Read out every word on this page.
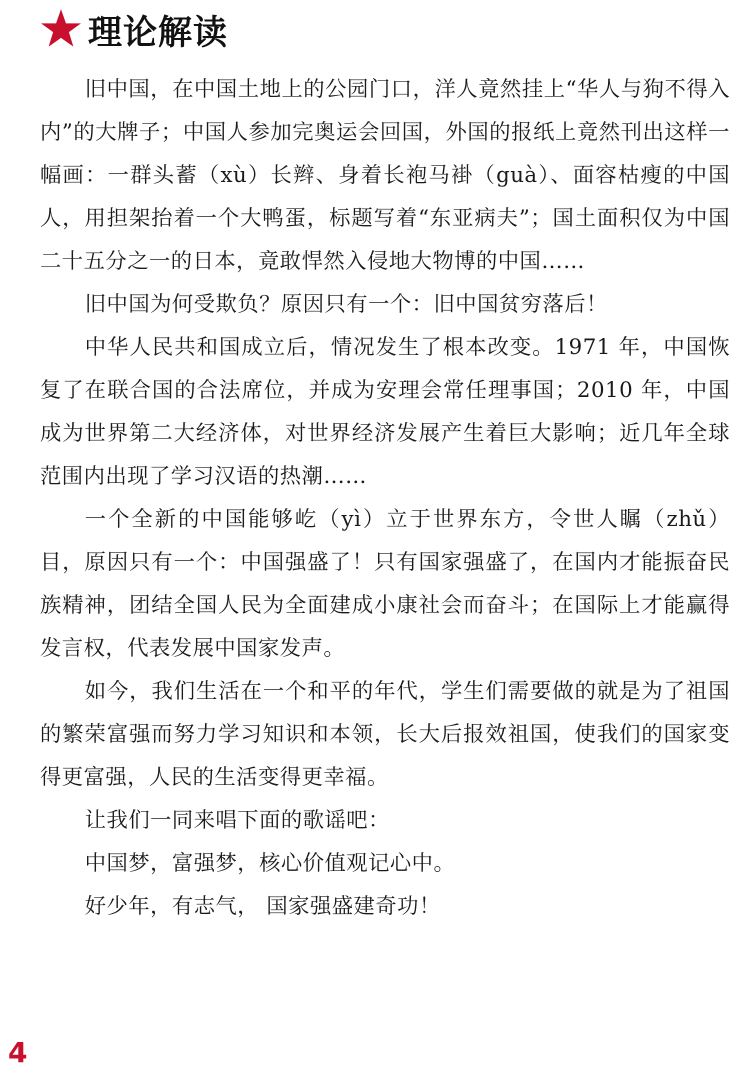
理论解读

旧中国，在中国土地上的公园门口，洋人竟然挂上“华人与狗不得入内”的大牌子；中国人参加完奥运会回国，外国的报纸上竟然刊出这样一幅画：一群头蓄（xù）长辫、身着长袍马褂（guà）、面容枯瘦的中国人，用担架抬着一个大鸭蛋，标题写着“东亚病夫”；国土面积仅为中国二十五分之一的日本，竟敢悍然入侵地大物博的中国……

旧中国为何受欺负？原因只有一个：旧中国贫穷落后！

中华人民共和国成立后，情况发生了根本改变。1971 年，中国恢复了在联合国的合法席位，并成为安理会常任理事国；2010 年，中国成为世界第二大经济体，对世界经济发展产生着巨大影响；近几年全球范围内出现了学习汉语的热潮……

一个全新的中国能够屹（yì）立于世界东方，令世人瞩（zhǔ）目，原因只有一个：中国强盛了！只有国家强盛了，在国内才能振奋民族精神，团结全国人民为全面建成小康社会而奋斗；在国际上才能赢得发言权，代表发展中国家发声。

如今，我们生活在一个和平的年代，学生们需要做的就是为了祖国的繁荣富强而努力学习知识和本领，长大后报效祖国，使我们的国家变得更富强，人民的生活变得更幸福。

让我们一同来唱下面的歌谣吧：

中国梦，富强梦，核心价值观记心中。

好少年，有志气， 国家强盛建奇功！

4
